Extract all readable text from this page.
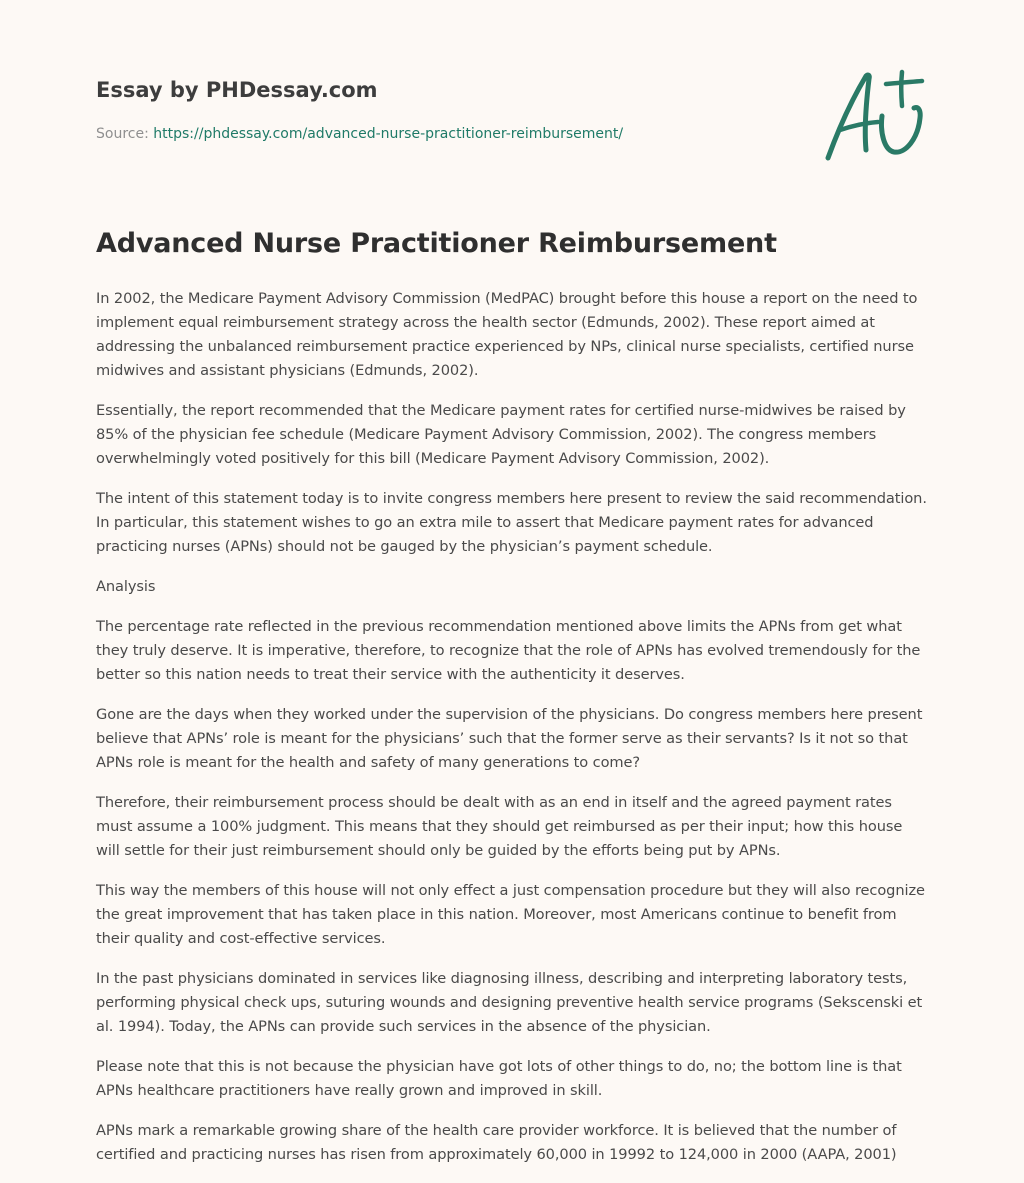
Essay by PHDessay.com
Source: https://phdessay.com/advanced-nurse-practitioner-reimbursement/
Advanced Nurse Practitioner Reimbursement

In 2002, the Medicare Payment Advisory Commission (MedPAC) brought before this house a report on the need to implement equal reimbursement strategy across the health sector (Edmunds, 2002). These report aimed at addressing the unbalanced reimbursement practice experienced by NPs, clinical nurse specialists, certified nurse midwives and assistant physicians (Edmunds, 2002).

Essentially, the report recommended that the Medicare payment rates for certified nurse-midwives be raised by 85% of the physician fee schedule (Medicare Payment Advisory Commission, 2002). The congress members overwhelmingly voted positively for this bill (Medicare Payment Advisory Commission, 2002).

The intent of this statement today is to invite congress members here present to review the said recommendation. In particular, this statement wishes to go an extra mile to assert that Medicare payment rates for advanced practicing nurses (APNs) should not be gauged by the physician’s payment schedule.

Analysis

The percentage rate reflected in the previous recommendation mentioned above limits the APNs from get what they truly deserve. It is imperative, therefore, to recognize that the role of APNs has evolved tremendously for the better so this nation needs to treat their service with the authenticity it deserves.

Gone are the days when they worked under the supervision of the physicians. Do congress members here present believe that APNs’ role is meant for the physicians’ such that the former serve as their servants? Is it not so that APNs role is meant for the health and safety of many generations to come?

Therefore, their reimbursement process should be dealt with as an end in itself and the agreed payment rates must assume a 100% judgment. This means that they should get reimbursed as per their input; how this house will settle for their just reimbursement should only be guided by the efforts being put by APNs.

This way the members of this house will not only effect a just compensation procedure but they will also recognize the great improvement that has taken place in this nation. Moreover, most Americans continue to benefit from their quality and cost-effective services.

In the past physicians dominated in services like diagnosing illness, describing and interpreting laboratory tests, performing physical check ups, suturing wounds and designing preventive health service programs (Sekscenski et al. 1994). Today, the APNs can provide such services in the absence of the physician.

Please note that this is not because the physician have got lots of other things to do, no; the bottom line is that APNs healthcare practitioners have really grown and improved in skill.

APNs mark a remarkable growing share of the health care provider workforce. It is believed that the number of certified and practicing nurses has risen from approximately 60,000 in 19992 to 124,000 in 2000 (AAPA, 2001)
